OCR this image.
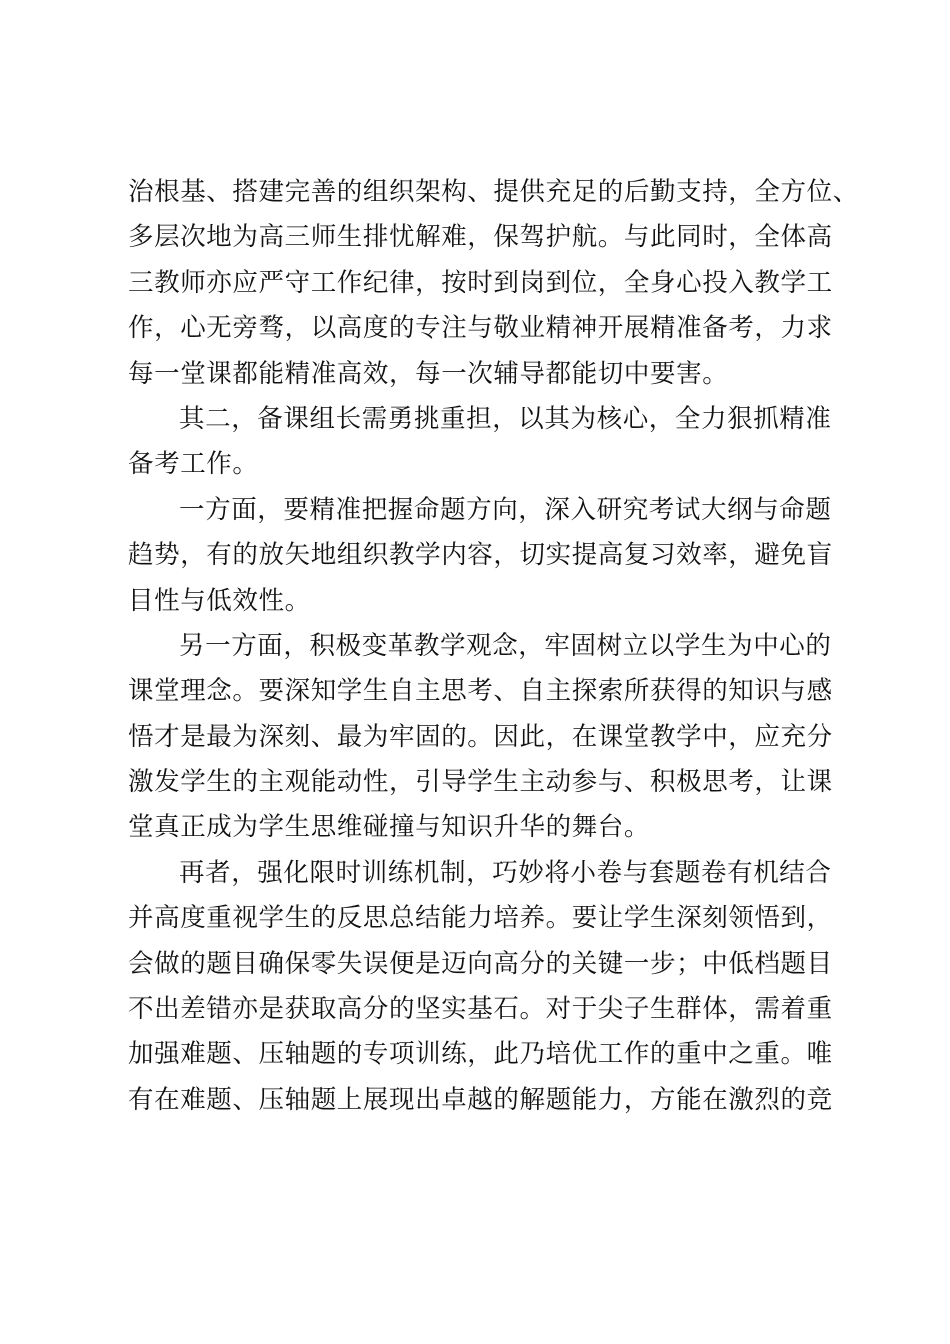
治根基、搭建完善的组织架构、提供充足的后勤支持，全方位、
多层次地为高三师生排忧解难，保驾护航。与此同时，全体高
三教师亦应严守工作纪律，按时到岗到位，全身心投入教学工
作，心无旁骛，以高度的专注与敬业精神开展精准备考，力求
每一堂课都能精准高效，每一次辅导都能切中要害。
其二，备课组长需勇挑重担，以其为核心，全力狠抓精准
备考工作。
一方面，要精准把握命题方向，深入研究考试大纲与命题
趋势，有的放矢地组织教学内容，切实提高复习效率，避免盲
目性与低效性。
另一方面，积极变革教学观念，牢固树立以学生为中心的
课堂理念。要深知学生自主思考、自主探索所获得的知识与感
悟才是最为深刻、最为牢固的。因此，在课堂教学中，应充分
激发学生的主观能动性，引导学生主动参与、积极思考，让课
堂真正成为学生思维碰撞与知识升华的舞台。
再者，强化限时训练机制，巧妙将小卷与套题卷有机结合
并高度重视学生的反思总结能力培养。要让学生深刻领悟到，
会做的题目确保零失误便是迈向高分的关键一步；中低档题目
不出差错亦是获取高分的坚实基石。对于尖子生群体，需着重
加强难题、压轴题的专项训练，此乃培优工作的重中之重。唯
有在难题、压轴题上展现出卓越的解题能力，方能在激烈的竞
